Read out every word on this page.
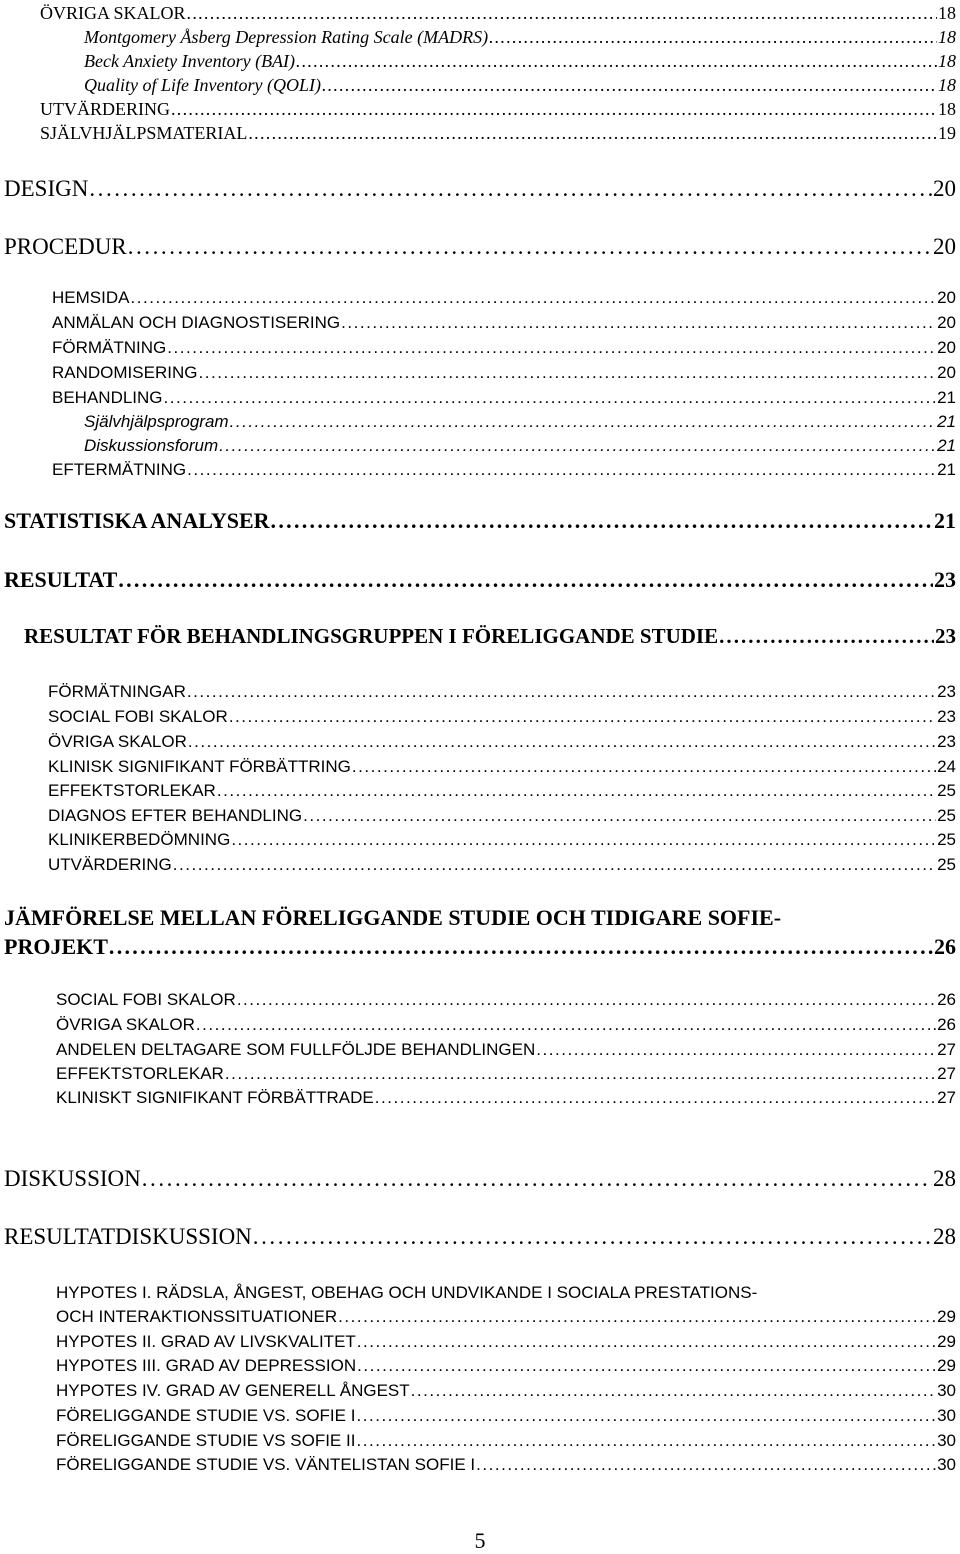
ÖVRIGA SKALOR . . .	18
Montgomery Åsberg Depression Rating Scale (MADRS) . . .	18
Beck Anxiety Inventory (BAI) . . .	18
Quality of Life Inventory (QOLI) . . .	18
UTVÄRDERING . . .	18
SJÄLVHJÄLPSMATERIAL . . .	19
DESIGN . . .	20
PROCEDUR . . .	20
HEMSIDA . . .	20
ANMÄLAN OCH DIAGNOSTISERING . . .	20
FÖRMÄTNING . . .	20
RANDOMISERING . . .	20
BEHANDLING . . .	21
Självhjälpsprogram . . .	21
Diskussionsforum . . .	21
EFTERMÄTNING . . .	21
STATISTISKA ANALYSER . . .	21
RESULTAT . . .	23
RESULTAT FÖR BEHANDLINGSGRUPPEN I FÖRELIGGANDE STUDIE . . .	23
FÖRMÄTNINGAR . . .	23
SOCIAL FOBI SKALOR . . .	23
ÖVRIGA SKALOR . . .	23
KLINISK SIGNIFIKANT FÖRBÄTTRING . . .	24
EFFEKTSTORLEKAR . . .	25
DIAGNOS EFTER BEHANDLING . . .	25
KLINIKERBEDÖMNING . . .	25
UTVÄRDERING . . .	25
JÄMFÖRELSE MELLAN FÖRELIGGANDE STUDIE OCH TIDIGARE SOFIE-
PROJEKT . . .	26
SOCIAL FOBI SKALOR . . .	26
ÖVRIGA SKALOR . . .	.26
ANDELEN DELTAGARE SOM FULLFÖLJDE BEHANDLINGEN . . .	27
EFFEKTSTORLEKAR . . .	27
KLINISKT SIGNIFIKANT FÖRBÄTTRADE . . .	27
DISKUSSION . . .	28
RESULTATDISKUSSION . . .	28
HYPOTES I. RÄDSLA, ÅNGEST, OBEHAG OCH UNDVIKANDE I SOCIALA PRESTATIONS-
OCH INTERAKTIONSSITUATIONER . . .	29
HYPOTES II. GRAD AV LIVSKVALITET . . .	29
HYPOTES III. GRAD AV DEPRESSION . . .	29
HYPOTES IV. GRAD AV GENERELL ÅNGEST . . .	30
FÖRELIGGANDE STUDIE VS. SOFIE I . . .	30
FÖRELIGGANDE STUDIE VS SOFIE II . . .	30
FÖRELIGGANDE STUDIE VS. VÄNTELISTAN SOFIE I . . .	30
5
